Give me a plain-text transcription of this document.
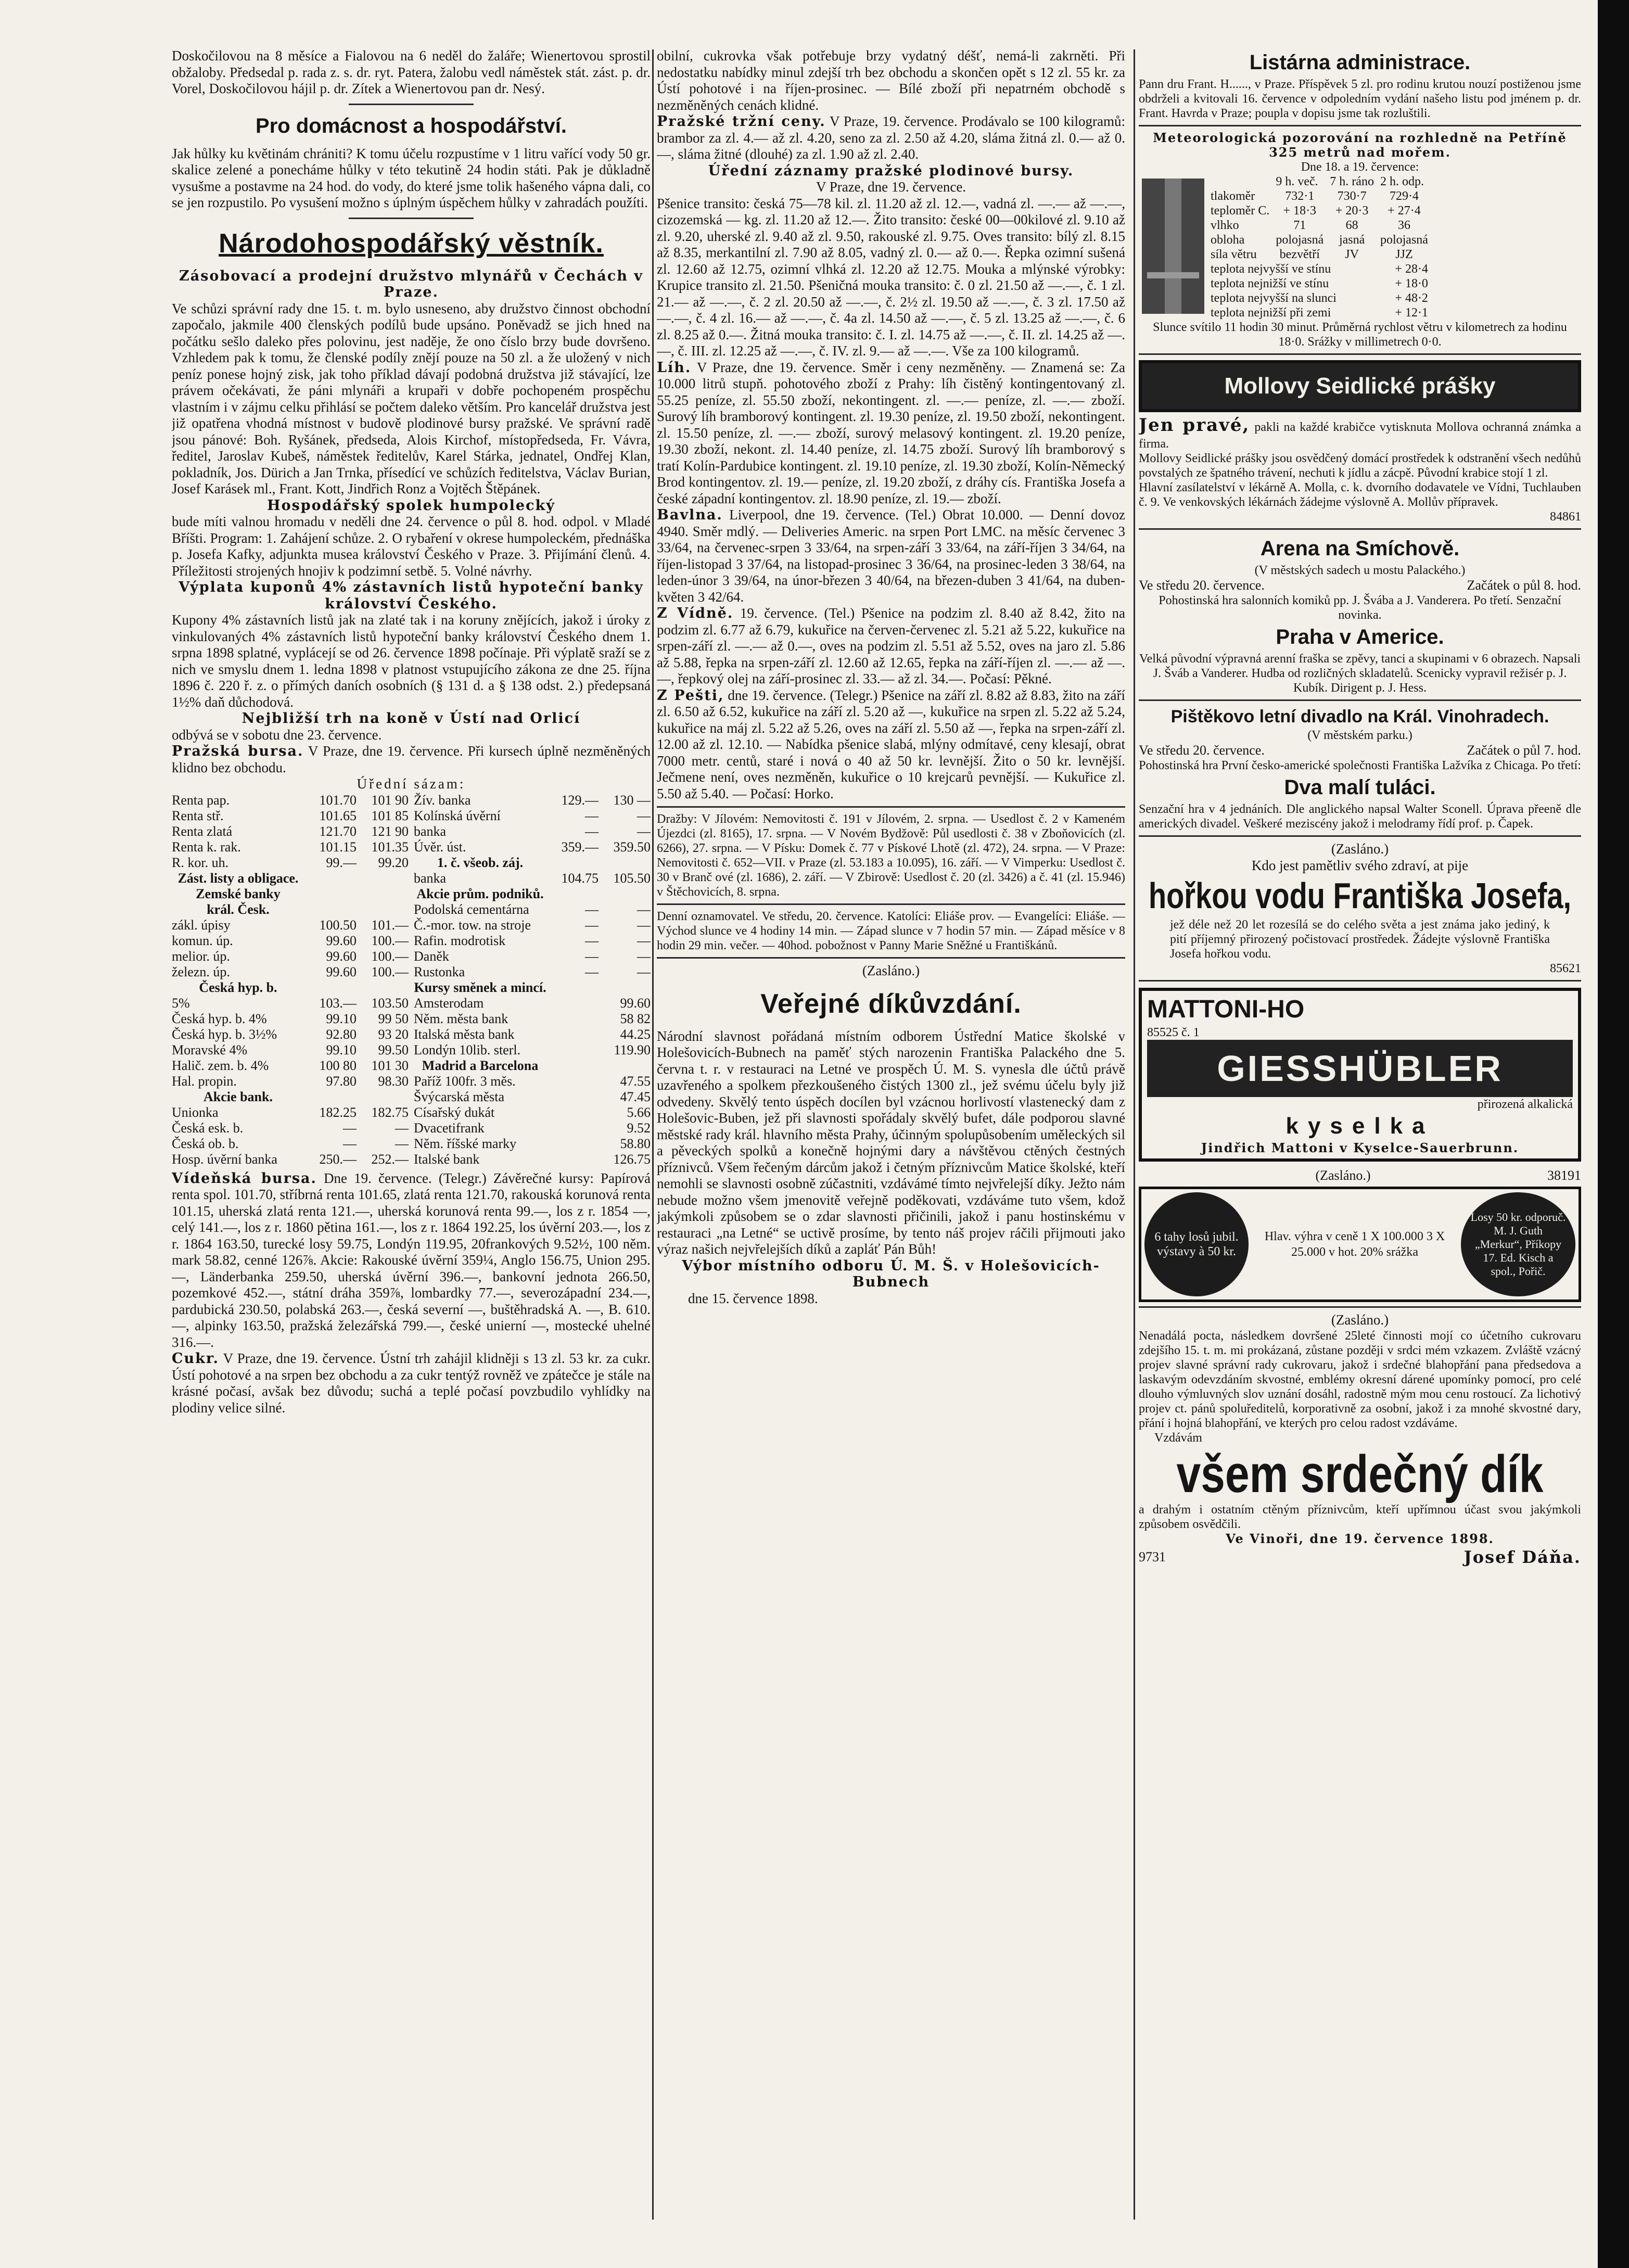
Doskočilovou na 8 měsíce a Fialovou na 6 neděl do žaláře; Wienertovou sprostil obžaloby. Předsedal p. rada z. s. dr. ryt. Patera, žalobu vedl náměstek stát. zást. p. dr. Vorel, Doskočilovou hájil p. dr. Zítek a Wienertovou pan dr. Nesý.

Pro domácnost a hospodářství.

Jak hůlky ku květinám chrániti? K tomu účelu rozpustíme v 1 litru vařící vody 50 gr. skalice zelené a ponecháme hůlky v této tekutině 24 hodin státi. Pak je důkladně vysušme a postavme na 24 hod. do vody, do které jsme tolik hašeného vápna dali, co se jen rozpustilo. Po vysušení možno s úplným úspěchem hůlky v zahradách použíti.

Národohospodářský věstník.

Zásobovací a prodejní družstvo mlynářů v Čechách v Praze.

Ve schůzi správní rady dne 15. t. m. bylo usneseno, aby družstvo činnost obchodní započalo, jakmile 400 členských podílů bude upsáno. Poněvadž se jich hned na počátku sešlo daleko přes polovinu, jest naděje, že ono číslo brzy bude dovršeno. Vzhledem pak k tomu, že členské podíly znějí pouze na 50 zl. a že uložený v nich peníz ponese hojný zisk, jak toho příklad dávají podobná družstva již stávající, lze právem očekávati, že páni mlynáři a krupaři v dobře pochopeném prospěchu vlastním i v zájmu celku přihlásí se počtem daleko větším. Pro kancelář družstva jest již opatřena vhodná místnost v budově plodinové bursy pražské. Ve správní radě jsou pánové: Boh. Ryšánek, předseda, Alois Kirchof, místopředseda, Fr. Vávra, ředitel, Jaroslav Kubeš, náměstek ředitelův, Karel Stárka, jednatel, Ondřej Klan, pokladník, Jos. Dürich a Jan Trnka, přísedící ve schůzích ředitelstva, Václav Burian, Josef Karásek ml., Frant. Kott, Jindřich Ronz a Vojtěch Štěpánek.

Hospodářský spolek humpolecký

bude míti valnou hromadu v neděli dne 24. července o půl 8. hod. odpol. v Mladé Bříšti. Program: 1. Zahájení schůze. 2. O rybaření v okrese humpoleckém, přednáška p. Josefa Kafky, adjunkta musea království Českého v Praze. 3. Přijímání členů. 4. Příležitosti strojených hnojiv k podzimní setbě. 5. Volné návrhy.

Výplata kuponů 4% zástavních listů hypoteční banky království Českého.

Kupony 4% zástavních listů jak na zlaté tak i na koruny znějících, jakož i úroky z vinkulovaných 4% zástavních listů hypoteční banky království Českého dnem 1. srpna 1898 splatné, vyplácejí se od 26. července 1898 počínaje. Při výplatě sraží se z nich ve smyslu dnem 1. ledna 1898 v platnost vstupujícího zákona ze dne 25. října 1896 č. 220 ř. z. o přímých daních osobních (§ 131 d. a § 138 odst. 2.) předepsaná 1½% daň důchodová.

Nejbližší trh na koně v Ústí nad Orlicí

odbývá se v sobotu dne 23. července.

Pražská bursa. V Praze, dne 19. července. Při kursech úplně nezměněných klidno bez obchodu.

Úřední sázam:

Renta pap.	101.70	101 90
Renta stř.	101.65	101 85
Renta zlatá	121.70	121 90
Renta k. rak.	101.15	101.35
R. kor. uh.	99.—	99.20
Zást. listy a obligace.
Zemské banky
král. Česk.
zákl. úpisy	100.50	101.—
komun. úp.	99.60	100.—
melior. úp.	99.60	100.—
železn. úp.	99.60	100.—
Česká hyp. b.
5%	103.—	103.50
Česká hyp. b. 4%	99.10	99 50
Česká hyp. b. 3½%	92.80	93 20
Moravské 4%	99.10	99.50
Halič. zem. b. 4%	100 80	101 30
Hal. propin.	97.80	98.30
Akcie bank.
Unionka	182.25	182.75
Česká esk. b.	—	—
Česká ob. b.	—	—
Hosp. úvěrní banka	250.—	252.—
Žív. banka	129.—	130 —
Kolínská úvěrní	—	—
banka	—	—
Úvěr. úst.	359.—	359.50
1. č. všeob. záj.
banka	104.75	105.50
Akcie prům. podniků.
Podolská cementárna	—	—
Č.-mor. tow. na stroje	—	—
Rafin. modrotisk	—	—
Daněk	—	—
Rustonka	—	—
Kursy směnek a mincí.
Amsterodam	99.60
Něm. města bank	58 82
Italská města bank	44.25
Londýn 10lib. sterl.	119.90
Madrid a Barcelona
Paříž 100fr. 3 měs.	47.55
Švýcarská města	47.45
Císařský dukát	5.66
Dvacetifrank	9.52
Něm. říšské marky	58.80
Italské bank	126.75

Vídeňská bursa. Dne 19. července. (Telegr.) Závěrečné kursy: Papírová renta spol. 101.70, stříbrná renta 101.65, zlatá renta 121.70, rakouská korunová renta 101.15, uherská zlatá renta 121.—, uherská korunová renta 99.—, los z r. 1854 —, celý 141.—, los z r. 1860 pětina 161.—, los z r. 1864 192.25, los úvěrní 203.—, los z r. 1864 163.50, turecké losy 59.75, Londýn 119.95, 20frankových 9.52½, 100 něm. mark 58.82, cenné 126⅞. Akcie: Rakouské úvěrní 359¼, Anglo 156.75, Union 295.—, Länderbanka 259.50, uherská úvěrní 396.—, bankovní jednota 266.50, pozemkové 452.—, státní dráha 359⅞, lombardky 77.—, severozápadní 234.—, pardubická 230.50, polabská 263.—, česká severní —, buštěhradská A. —, B. 610.—, alpinky 163.50, pražská železářská 799.—, české unierní —, mostecké uhelné 316.—.

Cukr. V Praze, dne 19. července. Ústní trh zahájil klidněji s 13 zl. 53 kr. za cukr. Ústí pohotové a na srpen bez obchodu a za cukr tentýž rovněž ve zpátečce je stále na krásné počasí, avšak bez důvodu; suchá a teplé počasí povzbudilo vyhlídky na plodiny velice silné.

obilní, cukrovka však potřebuje brzy vydatný déšť, nemá-li zakrněti. Při nedostatku nabídky minul zdejší trh bez obchodu a skončen opět s 12 zl. 55 kr. za Ústí pohotové i na říjen-prosinec. — Bílé zboží při nepatrném obchodě s nezměněných cenách klidné.

Pražské tržní ceny. V Praze, 19. července. Prodávalo se 100 kilogramů: brambor za zl. 4.— až zl. 4.20, seno za zl. 2.50 až 4.20, sláma žitná zl. 0.— až 0.—, sláma žitné (dlouhé) za zl. 1.90 až zl. 2.40.

Úřední záznamy pražské plodinové bursy.

V Praze, dne 19. července.

Pšenice transito: česká 75—78 kil. zl. 11.20 až zl. 12.—, vadná zl. —.— až —.—, cizozemská — kg. zl. 11.20 až 12.—. Žito transito: české 00—00kilové zl. 9.10 až zl. 9.20, uherské zl. 9.40 až zl. 9.50, rakouské zl. 9.75. Oves transito: bílý zl. 8.15 až 8.35, merkantilní zl. 7.90 až 8.05, vadný zl. 0.— až 0.—. Řepka ozimní sušená zl. 12.60 až 12.75, ozimní vlhká zl. 12.20 až 12.75. Mouka a mlýnské výrobky: Krupice transito zl. 21.50. Pšeničná mouka transito: č. 0 zl. 21.50 až —.—, č. 1 zl. 21.— až —.—, č. 2 zl. 20.50 až —.—, č. 2½ zl. 19.50 až —.—, č. 3 zl. 17.50 až —.—, č. 4 zl. 16.— až —.—, č. 4a zl. 14.50 až —.—, č. 5 zl. 13.25 až —.—, č. 6 zl. 8.25 až 0.—. Žitná mouka transito: č. I. zl. 14.75 až —.—, č. II. zl. 14.25 až —.—, č. III. zl. 12.25 až —.—, č. IV. zl. 9.— až —.—. Vše za 100 kilogramů.

Líh. V Praze, dne 19. července. Směr i ceny nezměněny. — Znamená se: Za 10.000 litrů stupň. pohotového zboží z Prahy: líh čistěný kontingentovaný zl. 55.25 peníze, zl. 55.50 zboží, nekontingent. zl. —.— peníze, zl. —.— zboží. Surový líh bramborový kontingent. zl. 19.30 peníze, zl. 19.50 zboží, nekontingent. zl. 15.50 peníze, zl. —.— zboží, surový melasový kontingent. zl. 19.20 peníze, 19.30 zboží, nekont. zl. 14.40 peníze, zl. 14.75 zboží. Surový líh bramborový s tratí Kolín-Pardubice kontingent. zl. 19.10 peníze, zl. 19.30 zboží, Kolín-Německý Brod kontingentov. zl. 19.— peníze, zl. 19.20 zboží, z dráhy cís. Františka Josefa a české západní kontingentov. zl. 18.90 peníze, zl. 19.— zboží.

Bavlna. Liverpool, dne 19. července. (Tel.) Obrat 10.000. — Denní dovoz 4940. Směr mdlý. — Deliveries Americ. na srpen Port LMC. na měsíc červenec 3 33/64, na červenec-srpen 3 33/64, na srpen-září 3 33/64, na září-říjen 3 34/64, na říjen-listopad 3 37/64, na listopad-prosinec 3 36/64, na prosinec-leden 3 38/64, na leden-únor 3 39/64, na únor-březen 3 40/64, na březen-duben 3 41/64, na duben-květen 3 42/64.

Z Vídně. 19. července. (Tel.) Pšenice na podzim zl. 8.40 až 8.42, žito na podzim zl. 6.77 až 6.79, kukuřice na červen-červenec zl. 5.21 až 5.22, kukuřice na srpen-září zl. —.— až 0.—, oves na podzim zl. 5.51 až 5.52, oves na jaro zl. 5.86 až 5.88, řepka na srpen-září zl. 12.60 až 12.65, řepka na září-říjen zl. —.— až —.—, řepkový olej na září-prosinec zl. 33.— až zl. 34.—. Počasí: Pěkné.

Z Pešti, dne 19. července. (Telegr.) Pšenice na září zl. 8.82 až 8.83, žito na září zl. 6.50 až 6.52, kukuřice na září zl. 5.20 až —, kukuřice na srpen zl. 5.22 až 5.24, kukuřice na máj zl. 5.22 až 5.26, oves na září zl. 5.50 až —, řepka na srpen-září zl. 12.00 až zl. 12.10. — Nabídka pšenice slabá, mlýny odmítavé, ceny klesají, obrat 7000 metr. centů, staré i nová o 40 až 50 kr. levnější. Žito o 50 kr. levnější. Ječmene není, oves nezměněn, kukuřice o 10 krejcarů pevnější. — Kukuřice zl. 5.50 až 5.40. — Počasí: Horko.

Dražby: V Jílovém: Nemovitosti č. 191 v Jílovém, 2. srpna. — Usedlost č. 2 v Kameném Újezdci (zl. 8165), 17. srpna. — V Novém Bydžově: Půl usedlosti č. 38 v Zboňovicích (zl. 6266), 27. srpna. — V Písku: Domek č. 77 v Pískové Lhotě (zl. 472), 24. srpna. — V Praze: Nemovitosti č. 652—VII. v Praze (zl. 53.183 a 10.095), 16. září. — V Vimperku: Usedlost č. 30 v Branč ové (zl. 1686), 2. září. — V Zbirově: Usedlost č. 20 (zl. 3426) a č. 41 (zl. 15.946) v Štěchovicích, 8. srpna.

Denní oznamovatel. Ve středu, 20. července. Katolíci: Eliáše prov. — Evangelíci: Eliáše. — Východ slunce ve 4 hodiny 14 min. — Západ slunce v 7 hodin 57 min. — Západ měsíce v 8 hodin 29 min. večer. — 40hod. pobožnost v Panny Marie Sněžné u Františkánů.

(Zasláno.)

Veřejné díkůvzdání.

Národní slavnost pořádaná místním odborem Ústřední Matice školské v Holešovicích-Bubnech na paměť stých narozenin Františka Palackého dne 5. června t. r. v restauraci na Letné ve prospěch Ú. M. S. vynesla dle účtů právě uzavřeného a spolkem přezkoušeného čistých 1300 zl., jež svému účelu byly již odvedeny. Skvělý tento úspěch docílen byl vzácnou horlivostí vlastenecký dam z Holešovic-Buben, jež při slavnosti spořádaly skvělý bufet, dále podporou slavné městské rady král. hlavního města Prahy, účinným spolupůsobením uměleckých sil a pěveckých spolků a konečně hojnými dary a návštěvou ctěných čestných příznivců. Všem řečeným dárcům jakož i četným příznivcům Matice školské, kteří nemohli se slavnosti osobně zúčastniti, vzdávámé tímto nejvřelejší díky. Ježto nám nebude možno všem jmenovitě veřejně poděkovati, vzdáváme tuto všem, kdož jakýmkoli způsobem se o zdar slavnosti přičinili, jakož i panu hostinskému v restauraci „na Letné“ se uctivě prosíme, by tento náš projev ráčili přijmouti jako výraz našich nejvřelejších díků a zapláť Pán Bůh!

Výbor místního odboru Ú. M. Š. v Holešovicích-Bubnech

dne 15. července 1898.

Listárna administrace.

Pann dru Frant. H......, v Praze. Příspěvek 5 zl. pro rodinu krutou nouzí postiženou jsme obdrželi a kvitovali 16. července v odpoledním vydání našeho listu pod jménem p. dr. Frant. Havrda v Praze; poupla v dopisu jsme tak rozluštili.

Meteorologická pozorování na rozhledně na Petříně 325 metrů nad mořem.

Dne 18. a 19. července:

	9 h. več.	7 h. ráno	2 h. odp.
tlakoměr	732·1	730·7	729·4
teploměr C.	+ 18·3	+ 20·3	+ 27·4
vlhko	71	68	36
obloha	polojasná	jasná	polojasná
síla větru	bezvětří	JV	JJZ
teplota nejvyšší ve stínu			+ 28·4
teplota nejnižší ve stínu			+ 18·0
teplota nejvyšší na slunci			+ 48·2
teplota nejnižší při zemi			+ 12·1

Slunce svítilo 11 hodin 30 minut. Průměrná rychlost větru v kilometrech za hodinu 18·0. Srážky v millimetrech 0·0.

Mollovy Seidlické prášky

Jen pravé, pakli na každé krabičce vytisknuta Mollova ochranná známka a firma.

Mollovy Seidlické prášky jsou osvědčený domácí prostředek k odstranění všech nedůhů povstalých ze špatného trávení, nechuti k jídlu a zácpě. Původní krabice stojí 1 zl.

Hlavní zasílatelství v lékárně A. Molla, c. k. dvorního dodavatele ve Vídni, Tuchlauben č. 9. Ve venkovských lékárnách žádejme výslovně A. Mollův přípravek.

84861

Arena na Smíchově.

(V městských sadech u mostu Palackého.)

Ve středu 20. července.	Začátek o půl 8. hod.

Pohostinská hra salonních komiků pp. J. Švába a J. Vanderera. Po třetí. Senzační novinka.

Praha v Americe.

Velká původní výpravná arenní fraška se zpěvy, tanci a skupinami v 6 obrazech. Napsali J. Šváb a Vanderer. Hudba od rozličných skladatelů. Scenicky vypravil režisér p. J. Kubík. Dirigent p. J. Hess.

Pištěkovo letní divadlo na Král. Vinohradech.

(V městském parku.)

Ve středu 20. července.	Začátek o půl 7. hod.

Pohostinská hra První česko-americké společnosti Františka Lažvíka z Chicaga. Po třetí:

Dva malí tuláci.

Senzační hra v 4 jednáních. Dle anglického napsal Walter Sconell. Úprava přeeně dle amerických divadel. Veškeré meziscény jakož i melodramy řídí prof. p. Čapek.

(Zasláno.)

Kdo jest pamětliv svého zdraví, at pije

hořkou vodu Františka Josefa,

jež déle než 20 let rozesílá se do celého světa a jest známa jako jediný, k pití příjemný přirozený počistovací prostředek. Žádejte výslovně Františka Josefa hořkou vodu.

85621

MATTONI-HO
85525 č. 1
GIESSHÜBLER
přirozená alkalická
kyselka
Jindřich Mattoni v Kyselce-Sauerbrunn.
(Zasláno.)	38191
6 tahy losů jubil. výstavy à 50 kr.
Hlav. výhra v ceně 1 X 100.000 3 X 25.000 v hot. 20% srážka
Losy 50 kr. odporuč. M. J. Guth „Merkur“, Příkopy 17. Ed. Kisch a spol., Pořič.

(Zasláno.)

Nenadálá pocta, následkem dovršené 25leté činnosti mojí co účetního cukrovaru zdejšího 15. t. m. mi prokázaná, zůstane později v srdci mém vzkazem. Zvláště vzácný projev slavné správní rady cukrovaru, jakož i srdečné blahopřání pana předsedova a laskavým odevzdáním skvostné, emblémy okresní dárené upomínky pomocí, pro celé dlouho výmluvných slov uznání dosáhl, radostně mým mou cenu rostoucí. Za lichotivý projev ct. pánů spoluředitelů, korporativně za osobní, jakož i za mnohé skvostné dary, přání i hojná blahopřání, ve kterých pro celou radost vzdáváme.

Vzdávám

všem srdečný dík

a drahým i ostatním ctěným příznivcům, kteří upřímnou účast svou jakýmkoli způsobem osvědčili.

Ve Vinoři, dne 19. července 1898.

9731	Josef Dáňa.
